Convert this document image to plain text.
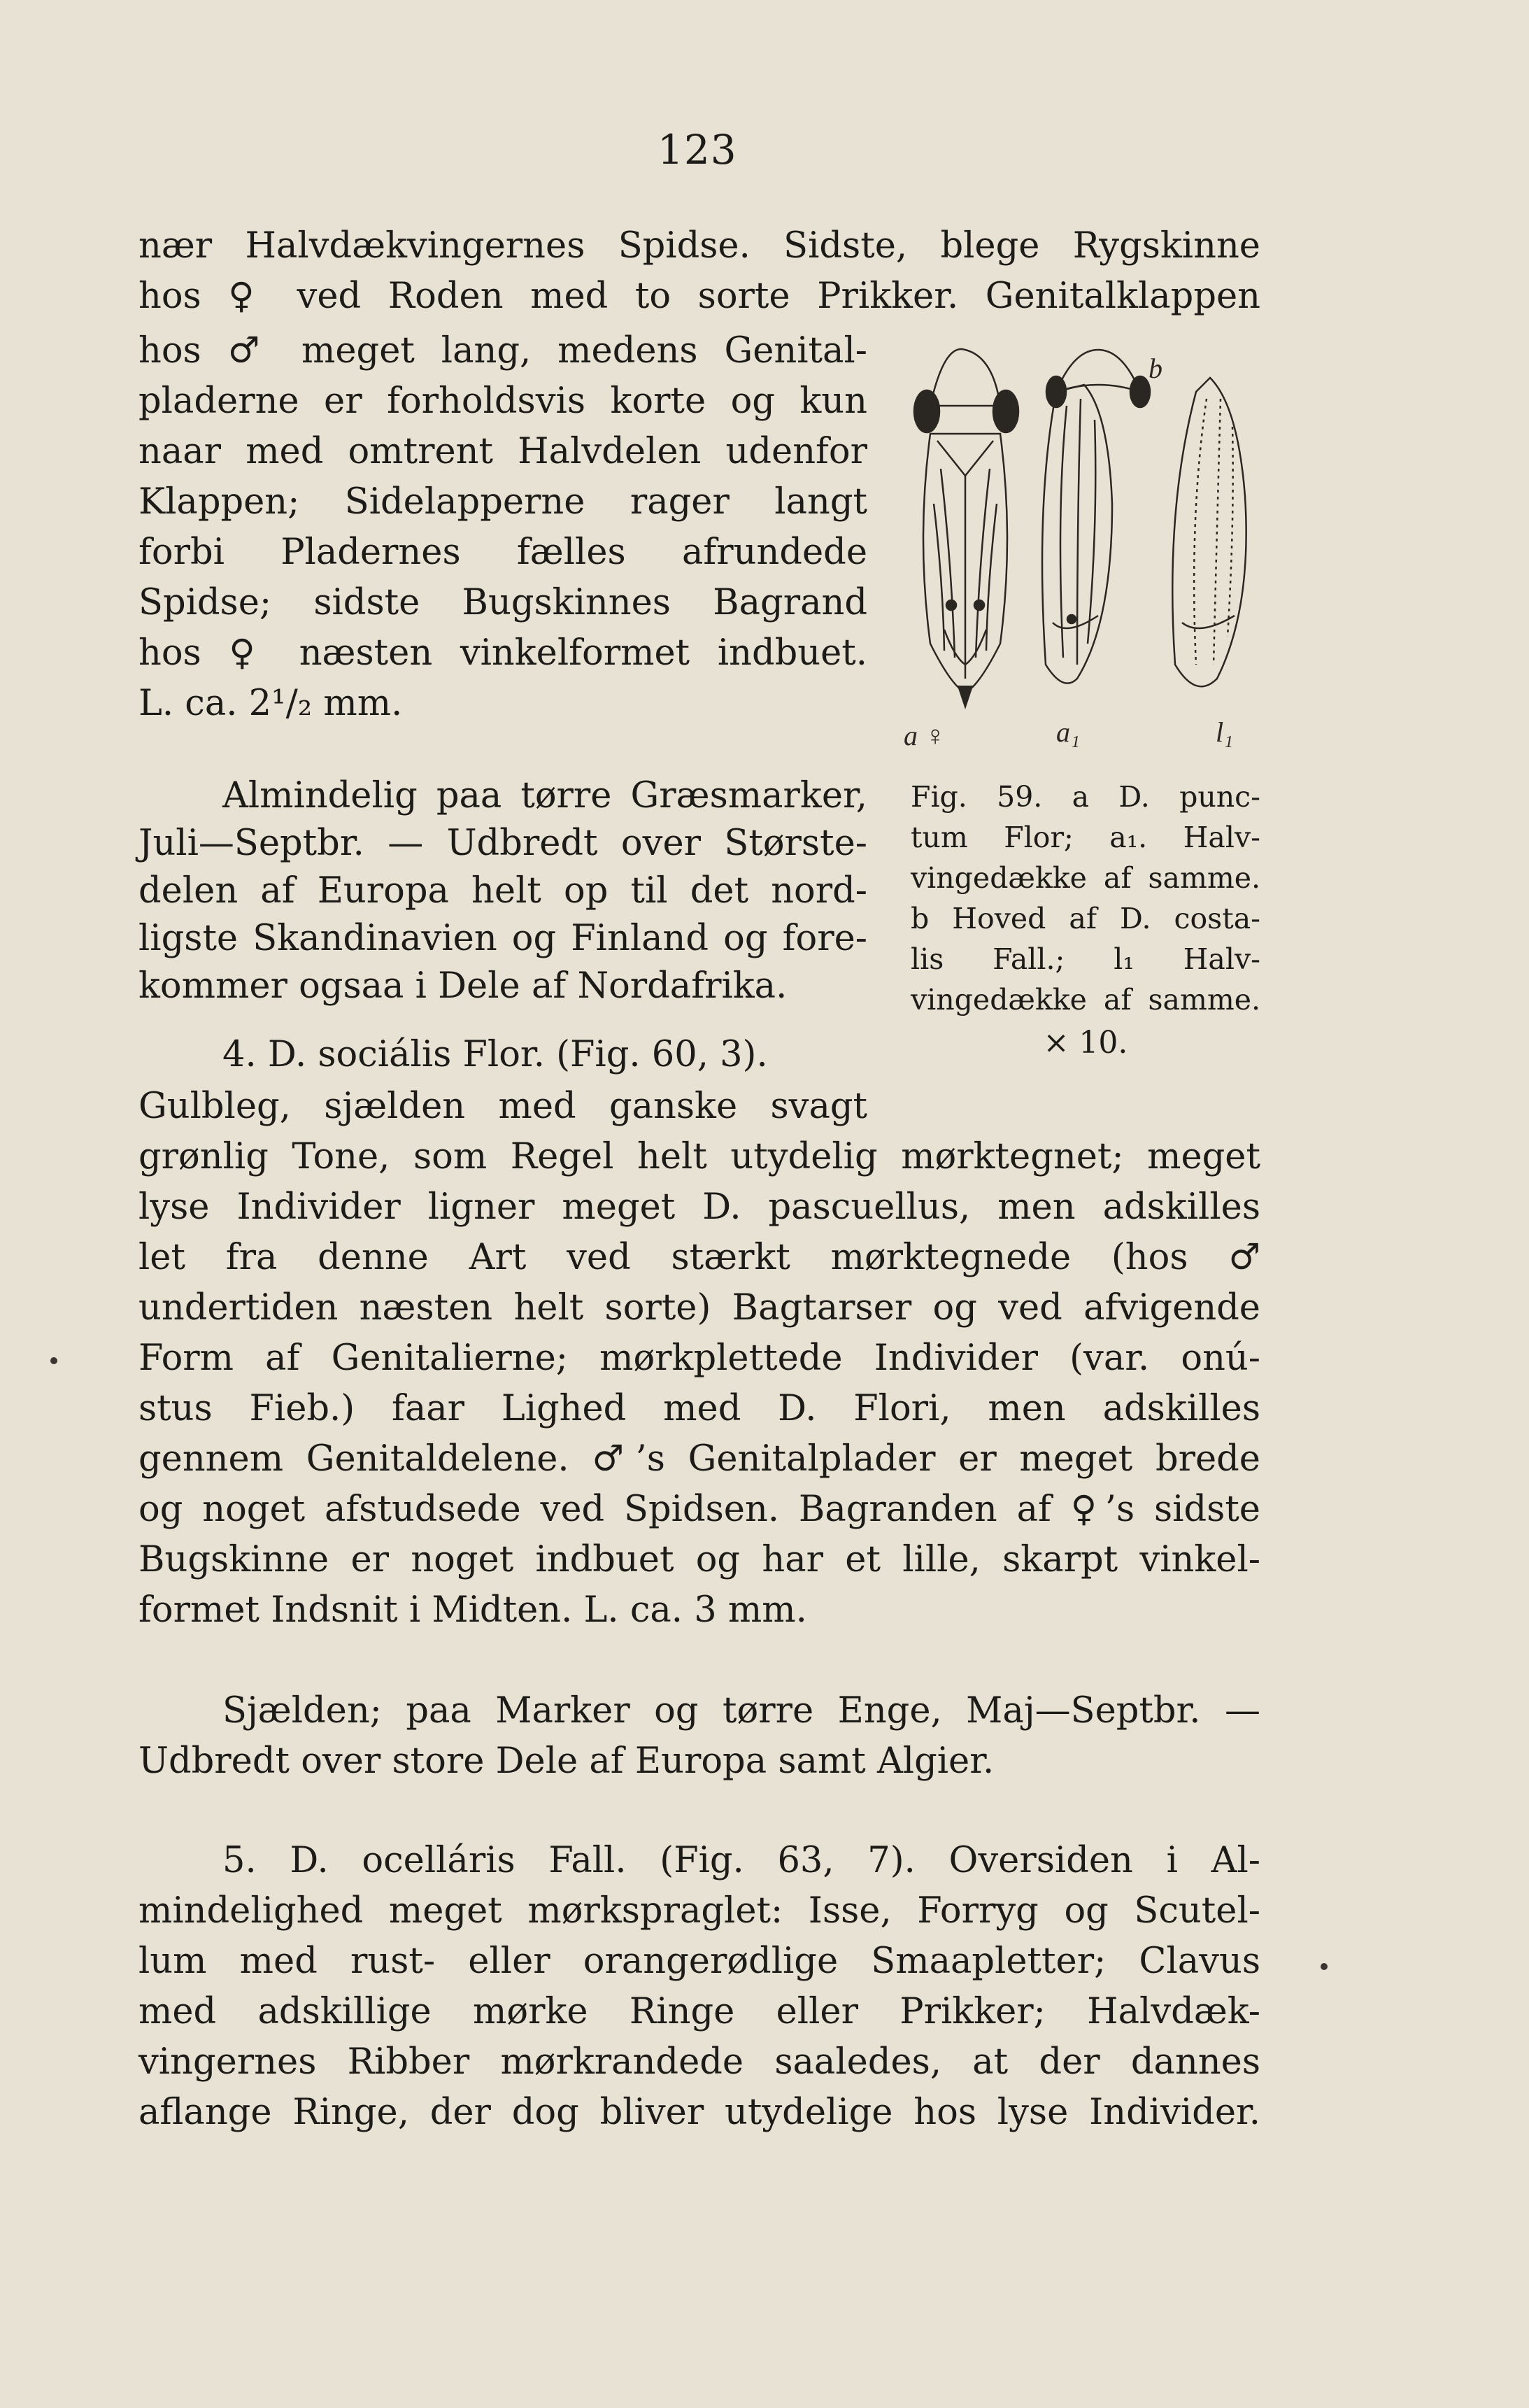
123
nær Halvdækvingernes Spidse. Sidste, blege Rygskinne
hos ♀ ved Roden med to sorte Prikker. Genitalklappen
hos ♂ meget lang, medens Genital-
pladerne er forholdsvis korte og kun
naar med omtrent Halvdelen udenfor
Klappen; Sidelapperne rager langt
forbi Pladernes fælles afrundede
Spidse; sidste Bugskinnes Bagrand
hos ♀ næsten vinkelformet indbuet.
L. ca. 2¹/₂ mm.
Almindelig paa tørre Græsmarker,
Juli—Septbr. — Udbredt over Største-
delen af Europa helt op til det nord-
ligste Skandinavien og Finland og fore-
kommer ogsaa i Dele af Nordafrika.
4. D. sociális Flor. (Fig. 60, 3).
Gulbleg, sjælden med ganske svagt
grønlig Tone, som Regel helt utydelig mørktegnet; meget
lyse Individer ligner meget D. pascuellus, men adskilles
let fra denne Art ved stærkt mørktegnede (hos ♂
undertiden næsten helt sorte) Bagtarser og ved afvigende
Form af Genitalierne; mørkplettede Individer (var. onú-
stus Fieb.) faar Lighed med D. Flori, men adskilles
gennem Genitaldelene. ♂’s Genitalplader er meget brede
og noget afstudsede ved Spidsen. Bagranden af ♀’s sidste
Bugskinne er noget indbuet og har et lille, skarpt vinkel-
formet Indsnit i Midten. L. ca. 3 mm.
Sjælden; paa Marker og tørre Enge, Maj—Septbr. —
Udbredt over store Dele af Europa samt Algier.
5. D. ocelláris Fall. (Fig. 63, 7). Oversiden i Al-
mindelighed meget mørkspraglet: Isse, Forryg og Scutel-
lum med rust- eller orangerødlige Smaapletter; Clavus
med adskillige mørke Ringe eller Prikker; Halvdæk-
vingernes Ribber mørkrandede saaledes, at der dannes
aflange Ringe, der dog bliver utydelige hos lyse Individer.
a ♀	a₁
b
l₁
Fig. 59. a D. punc-
tum Flor; a₁. Halv-
vingedække af samme.
b Hoved af D. costa-
lis Fall.; l₁ Halv-
vingedække af samme.
× 10.
